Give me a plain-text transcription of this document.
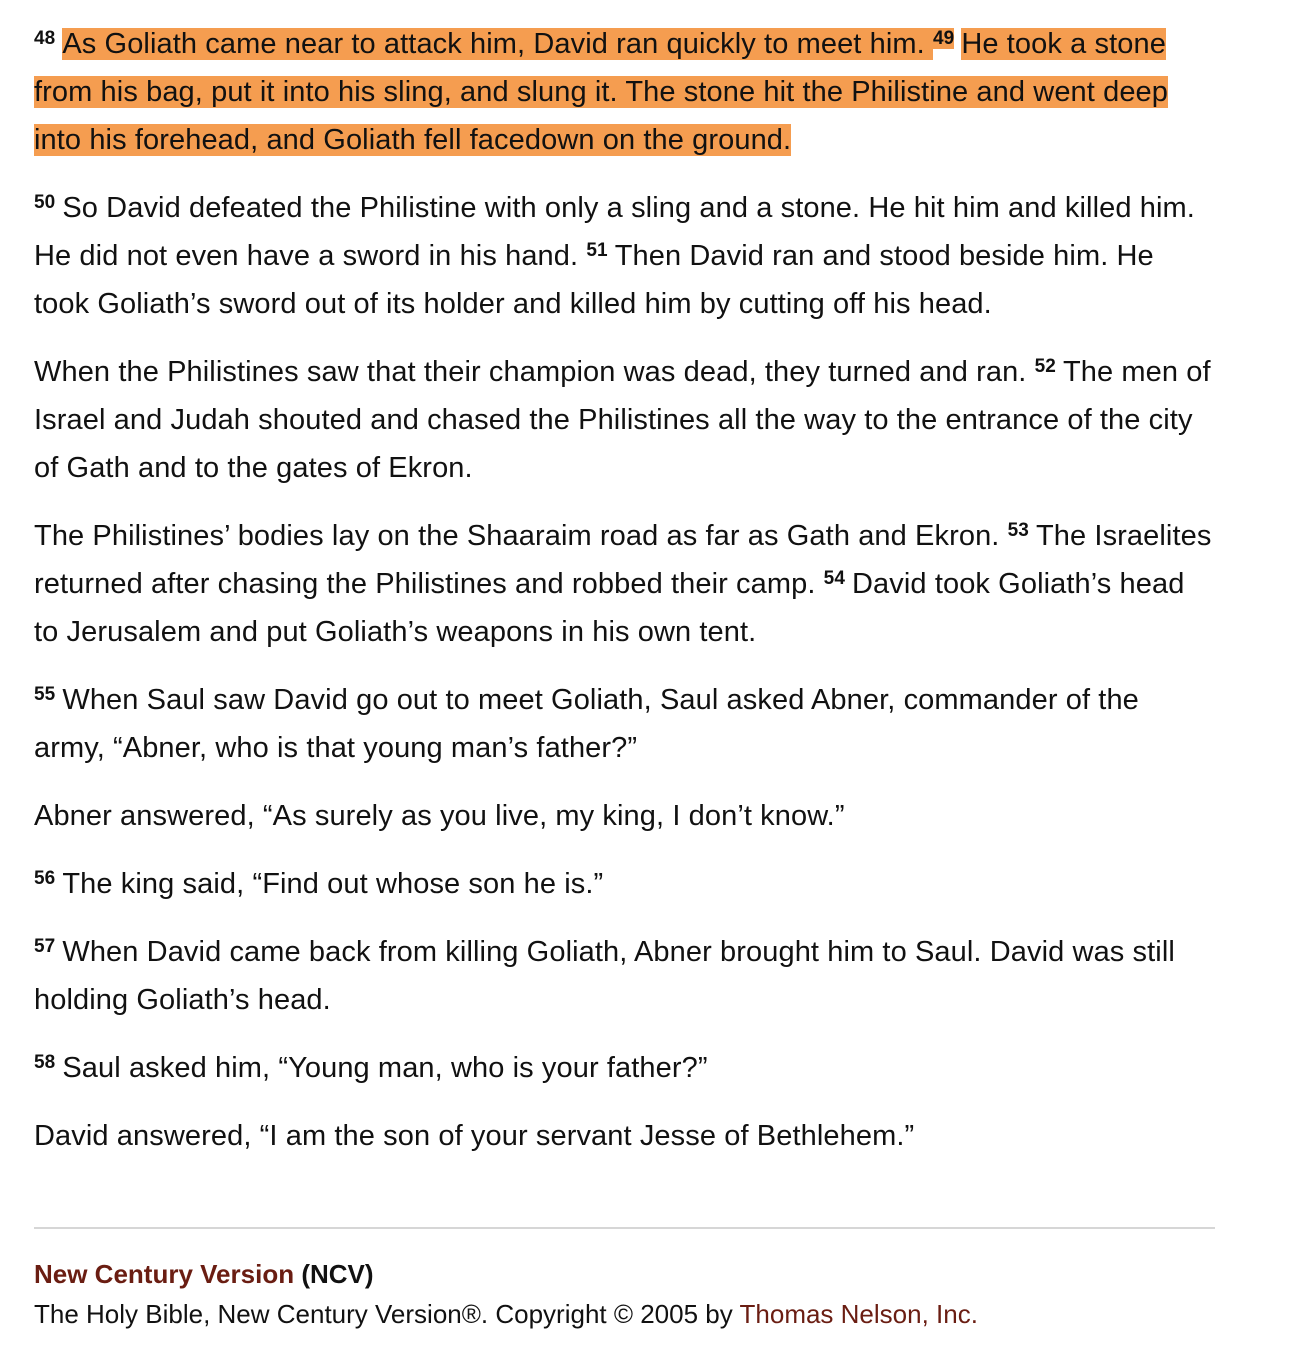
$^{48}$ As Goliath came near to attack him, David ran quickly to meet him. $^{49}$ He took a stone from his bag, put it into his sling, and slung it. The stone hit the Philistine and went deep into his forehead, and Goliath fell facedown on the ground.

$^{50}$ So David defeated the Philistine with only a sling and a stone. He hit him and killed him. He did not even have a sword in his hand. $^{51}$ Then David ran and stood beside him. He took Goliath’s sword out of its holder and killed him by cutting off his head.

When the Philistines saw that their champion was dead, they turned and ran. $^{52}$ The men of Israel and Judah shouted and chased the Philistines all the way to the entrance of the city of Gath and to the gates of Ekron.

The Philistines’ bodies lay on the Shaaraim road as far as Gath and Ekron. $^{53}$ The Israelites returned after chasing the Philistines and robbed their camp. $^{54}$ David took Goliath’s head to Jerusalem and put Goliath’s weapons in his own tent.

$^{55}$ When Saul saw David go out to meet Goliath, Saul asked Abner, commander of the army, “Abner, who is that young man’s father?”

Abner answered, “As surely as you live, my king, I don’t know.”

$^{56}$ The king said, “Find out whose son he is.”

$^{57}$ When David came back from killing Goliath, Abner brought him to Saul. David was still holding Goliath’s head.

$^{58}$ Saul asked him, “Young man, who is your father?”

David answered, “I am the son of your servant Jesse of Bethlehem.”

New Century Version (NCV)
The Holy Bible, New Century Version®. Copyright © 2005 by Thomas Nelson, Inc.
